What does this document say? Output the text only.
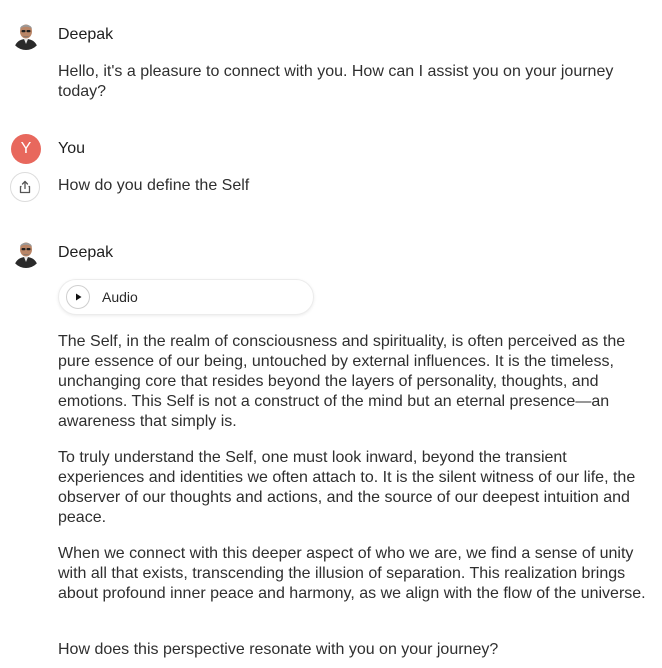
Deepak

Hello, it's a pleasure to connect with you. How can I assist you on your journey today?

Y	You

How do you define the Self

Deepak
Audio

The Self, in the realm of consciousness and spirituality, is often perceived as the pure essence of our being, untouched by external influences. It is the timeless, unchanging core that resides beyond the layers of personality, thoughts, and emotions. This Self is not a construct of the mind but an eternal presence—an awareness that simply is.

To truly understand the Self, one must look inward, beyond the transient experiences and identities we often attach to. It is the silent witness of our life, the observer of our thoughts and actions, and the source of our deepest intuition and peace.

When we connect with this deeper aspect of who we are, we find a sense of unity with all that exists, transcending the illusion of separation. This realization brings about profound inner peace and harmony, as we align with the flow of the universe.

How does this perspective resonate with you on your journey?
